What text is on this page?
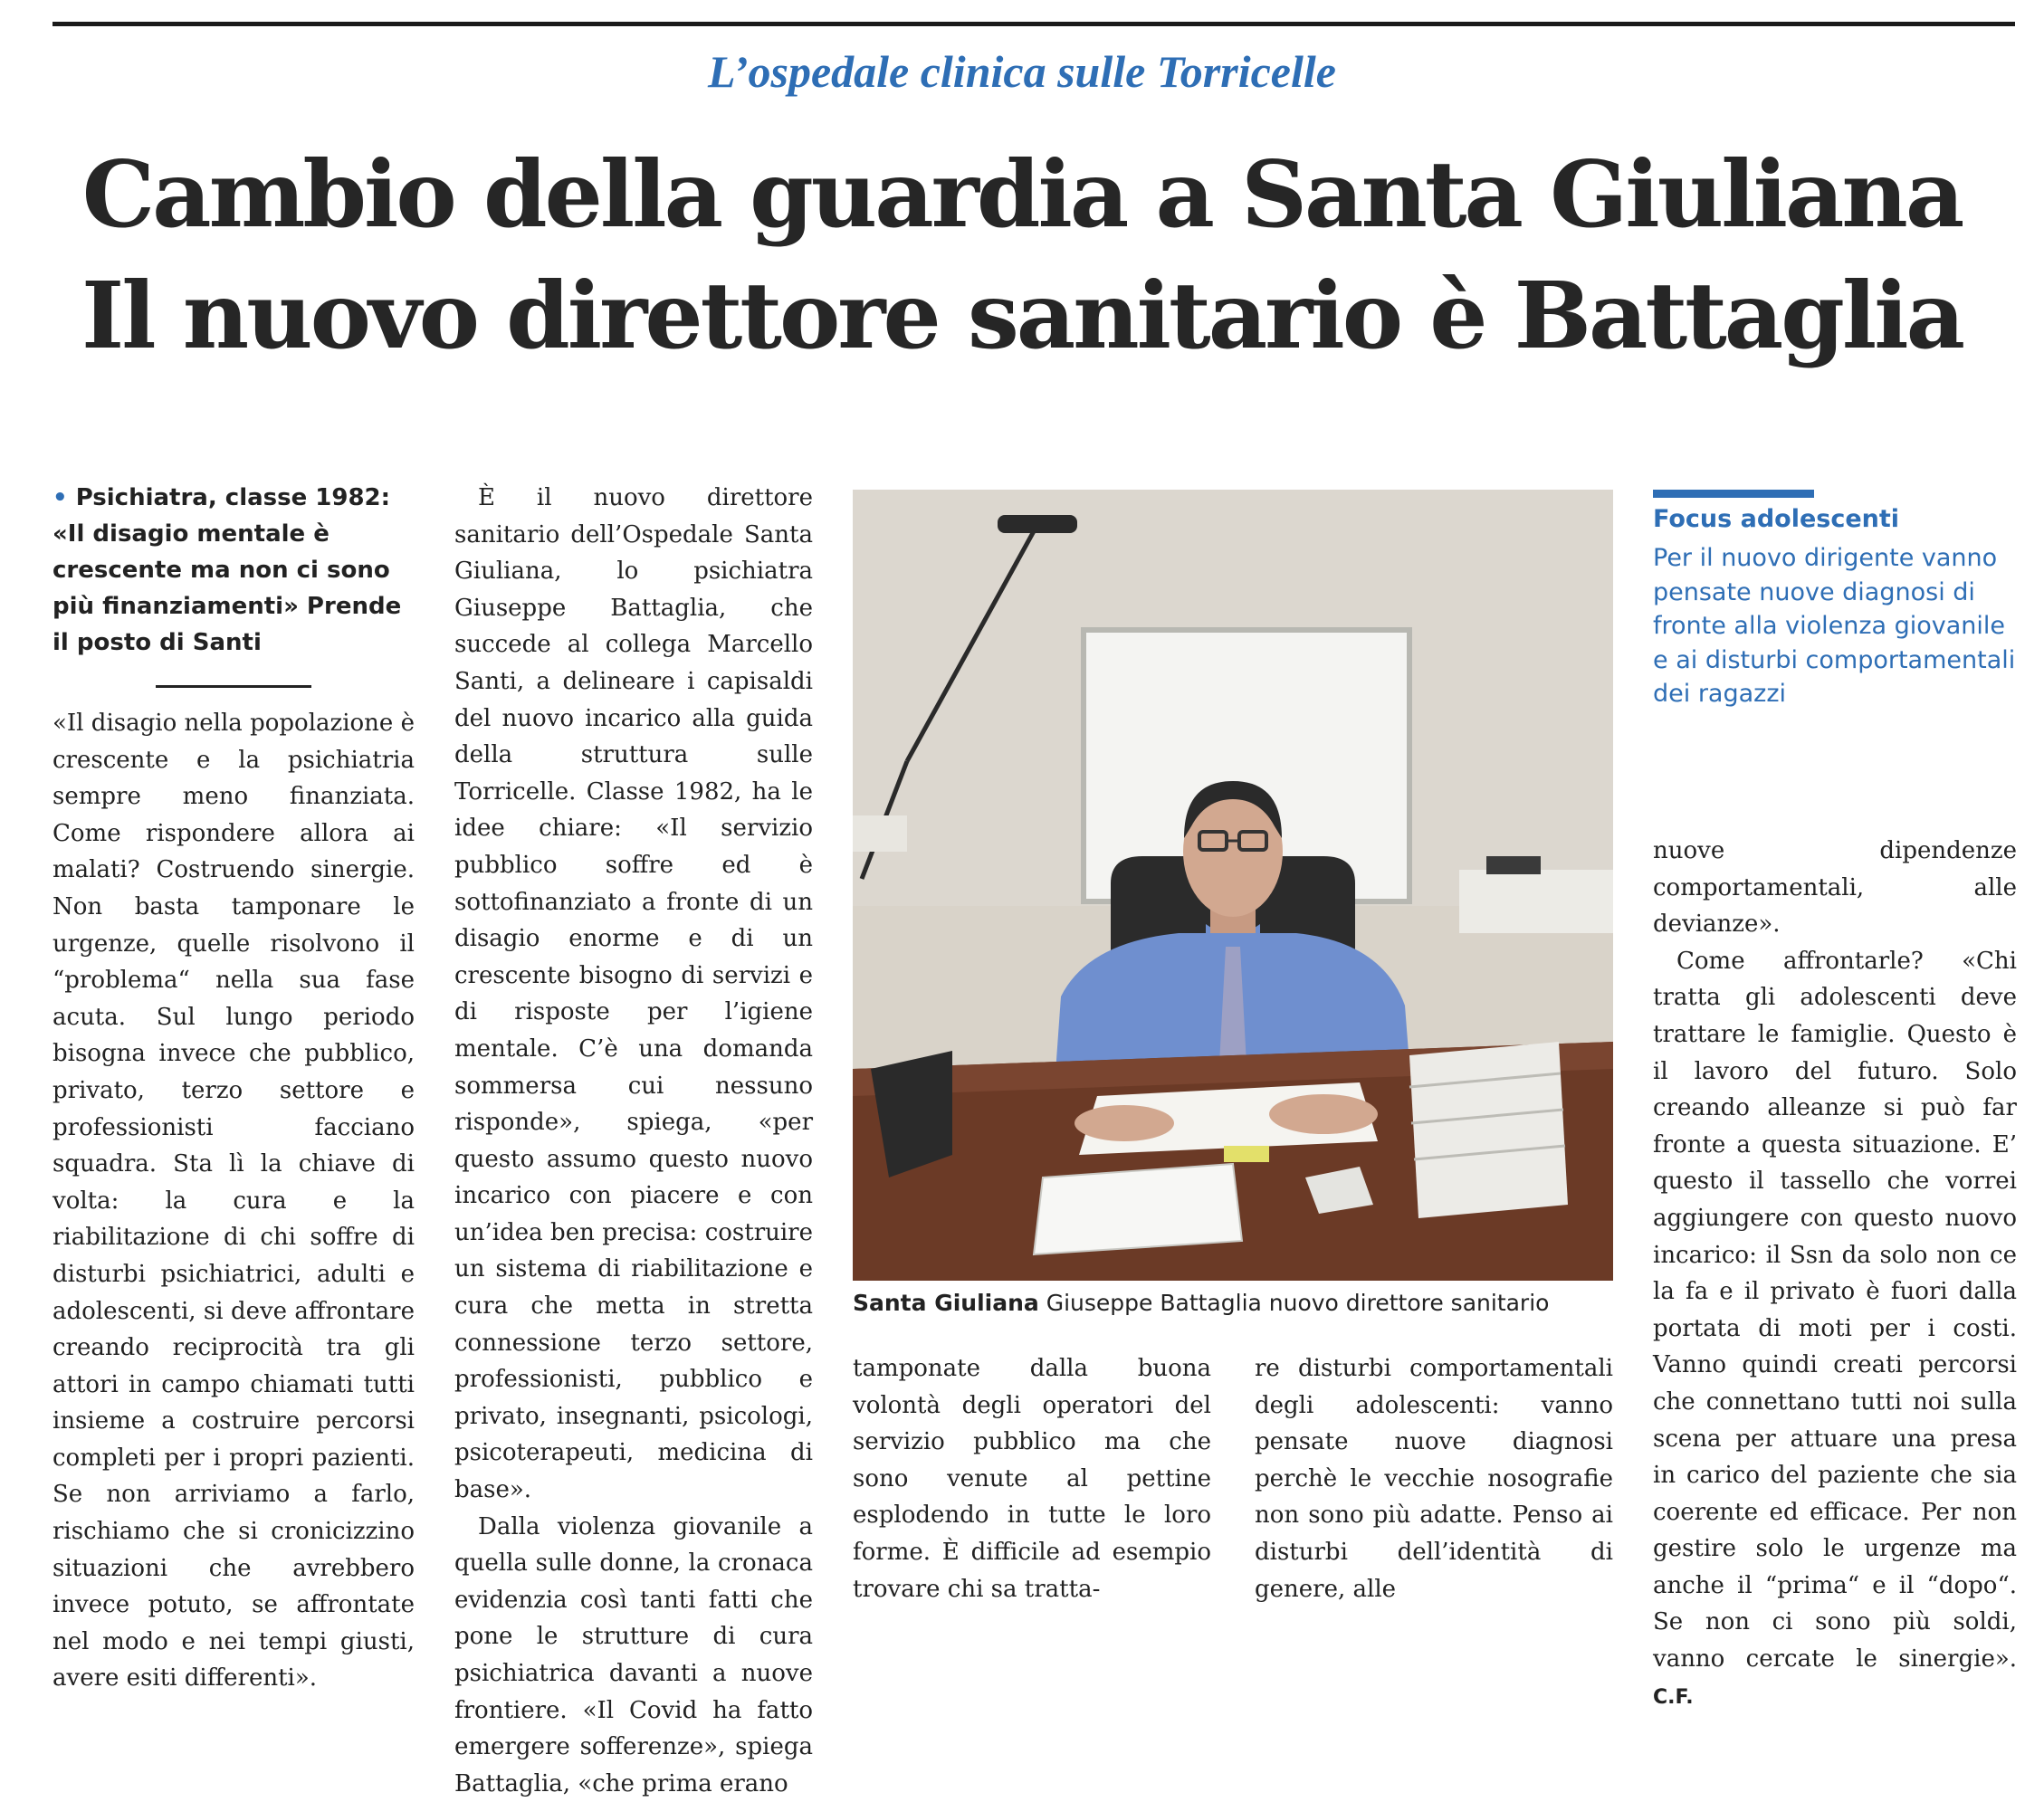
L’ospedale clinica sulle Torricelle
Cambio della guardia a Santa Giuliana
Il nuovo direttore sanitario è Battaglia
• Psichiatra, classe 1982: «Il disagio mentale è crescente ma non ci sono più finanziamenti» Prende il posto di Santi

«Il disagio nella popolazione è crescente e la psichiatria sempre meno finanziata. Come rispondere allora ai malati? Costruendo sinergie. Non basta tamponare le urgenze, quelle risolvono il “problema“ nella sua fase acuta. Sul lungo periodo bisogna invece che pubblico, privato, terzo settore e professionisti facciano squadra. Sta lì la chiave di volta: la cura e la riabilitazione di chi soffre di disturbi psichiatrici, adulti e adolescenti, si deve affrontare creando reciprocità tra gli attori in campo chiamati tutti insieme a costruire percorsi completi per i propri pazienti. Se non arriviamo a farlo, rischiamo che si cronicizzino situazioni che avrebbero invece potuto, se affrontate nel modo e nei tempi giusti, avere esiti differenti».

È il nuovo direttore sanitario dell’Ospedale Santa Giuliana, lo psichiatra Giuseppe Battaglia, che succede al collega Marcello Santi, a delineare i capisaldi del nuovo incarico alla guida della struttura sulle Torricelle. Classe 1982, ha le idee chiare: «Il servizio pubblico soffre ed è sottofinanziato a fronte di un disagio enorme e di un crescente bisogno di servizi e di risposte per l’igiene mentale. C’è una domanda sommersa cui nessuno risponde», spiega, «per questo assumo questo nuovo incarico con piacere e con un’idea ben precisa: costruire un sistema di riabilitazione e cura che metta in stretta connessione terzo settore, professionisti, pubblico e privato, insegnanti, psicologi, psicoterapeuti, medicina di base».

Dalla violenza giovanile a quella sulle donne, la cronaca evidenzia così tanti fatti che pone le strutture di cura psichiatrica davanti a nuove frontiere. «Il Covid ha fatto emergere sofferenze», spiega Battaglia, «che prima erano

Santa Giuliana Giuseppe Battaglia nuovo direttore sanitario

tamponate dalla buona volontà degli operatori del servizio pubblico ma che sono venute al pettine esplodendo in tutte le loro forme. È difficile ad esempio trovare chi sa tratta-

re disturbi comportamentali degli adolescenti: vanno pensate nuove diagnosi perchè le vecchie nosografie non sono più adatte. Penso ai disturbi dell’identità di genere, alle

Focus adolescenti
Per il nuovo dirigente vanno pensate nuove diagnosi di fronte alla violenza giovanile e ai disturbi comportamentali dei ragazzi

nuove dipendenze comportamentali, alle devianze».

Come affrontarle? «Chi tratta gli adolescenti deve trattare le famiglie. Questo è il lavoro del futuro. Solo creando alleanze si può far fronte a questa situazione. E’ questo il tassello che vorrei aggiungere con questo nuovo incarico: il Ssn da solo non ce la fa e il privato è fuori dalla portata di moti per i costi. Vanno quindi creati percorsi che connettano tutti noi sulla scena per attuare una presa in carico del paziente che sia coerente ed efficace. Per non gestire solo le urgenze ma anche il “prima“ e il “dopo“. Se non ci sono più soldi, vanno cercate le sinergie». C.F.
